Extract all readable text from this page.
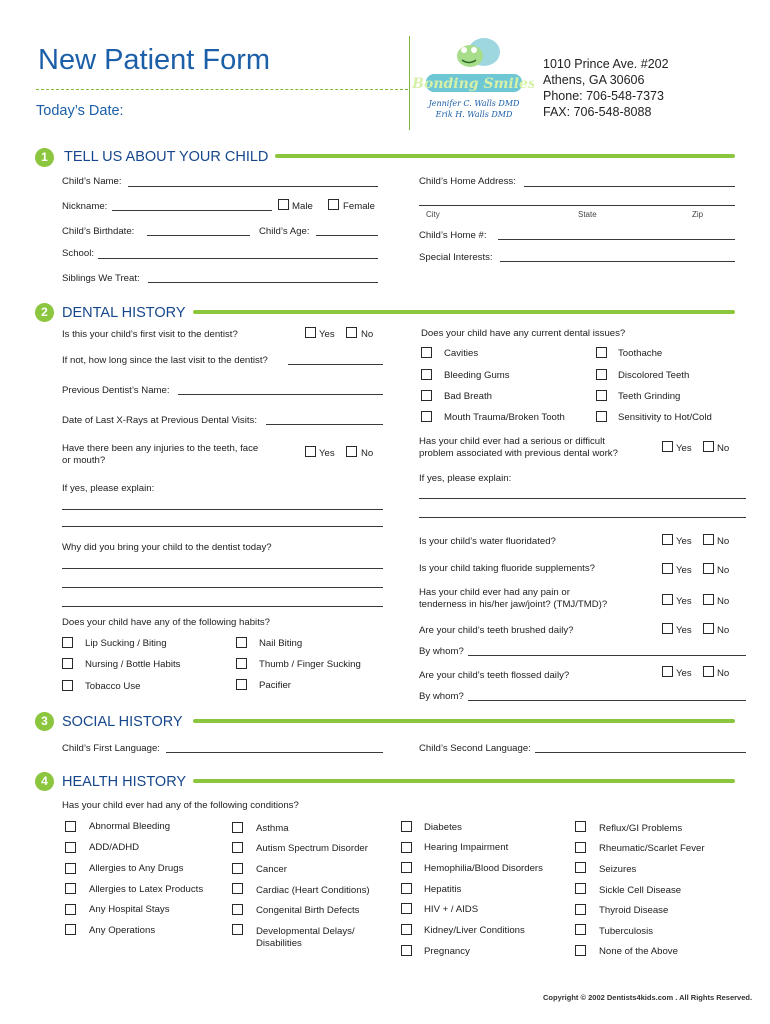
New Patient Form
Today’s Date:
Bonding Smiles
Jennifer C. Walls DMD
Erik H. Walls DMD
1010 Prince Ave. #202
Athens, GA 30606
Phone: 706-548-7373
FAX: 706-548-8088
1	TELL US ABOUT YOUR CHILD
Child’s Name:
Nickname:	Male	Female
Child’s Birthdate:	Child’s Age:
School:
Siblings We Treat:
Child’s Home Address:
City	State	Zip
Child’s Home #:
Special Interests:
2 DENTAL HISTORY
Is this your child’s first visit to the dentist?	Yes	No
If not, how long since the last visit to the dentist?
Previous Dentist’s Name:
Date of Last X-Rays at Previous Dental Visits:
Have there been any injuries to the teeth, face
or mouth?
Yes	No
If yes, please explain:
Why did you bring your child to the dentist today?
Does your child have any of the following habits?
Lip Sucking / Biting
Nursing / Bottle Habits
Tobacco Use
Nail Biting
Thumb / Finger Sucking
Pacifier
Does your child have any current dental issues?
Cavities
Bleeding Gums
Bad Breath
Mouth Trauma/Broken Tooth
Toothache
Discolored Teeth
Teeth Grinding
Sensitivity to Hot/Cold
Has your child ever had a serious or difficult
problem associated with previous dental work?	Yes	No
If yes, please explain:
Is your child’s water fluoridated?	Yes	No
Is your child taking fluoride supplements?	Yes	No
Has your child ever had any pain or
tenderness in his/her jaw/joint? (TMJ/TMD)?	Yes	No
Are your child’s teeth brushed daily?	Yes	No
By whom?
Are your child’s teeth flossed daily?	Yes	No
By whom?
3 SOCIAL HISTORY
Child’s First Language:	Child’s Second Language:
4 HEALTH HISTORY
Has your child ever had any of the following conditions?
Abnormal Bleeding
ADD/ADHD
Allergies to Any Drugs
Allergies to Latex Products
Any Hospital Stays
Any Operations
Asthma
Autism Spectrum Disorder
Cancer
Cardiac (Heart Conditions)
Congenital Birth Defects
Developmental Delays/
Disabilities
Diabetes
Hearing Impairment
Hemophilia/Blood Disorders
Hepatitis
HIV + / AIDS
Kidney/Liver Conditions
Pregnancy
Reflux/GI Problems
Rheumatic/Scarlet Fever
Seizures
Sickle Cell Disease
Thyroid Disease
Tuberculosis
None of the Above
Copyright © 2002 Dentists4kids.com . All Rights Reserved.
